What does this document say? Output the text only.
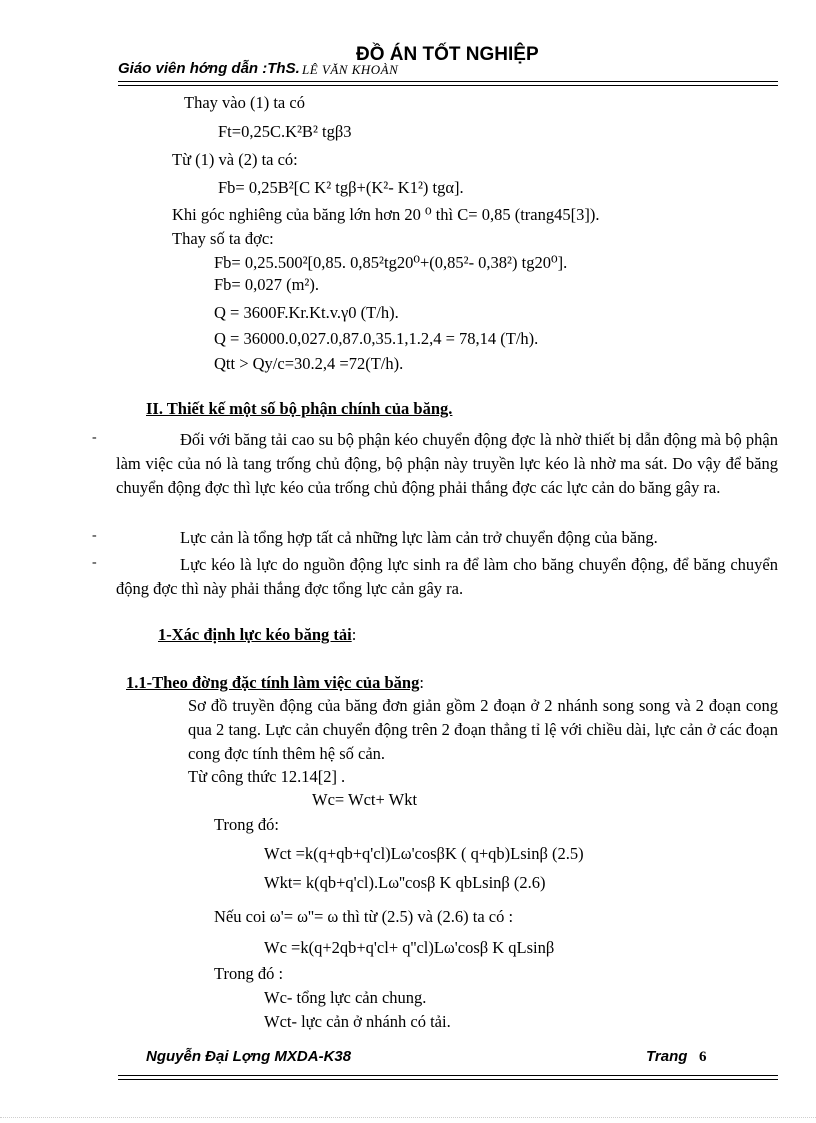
Giáo viên hớng dẫn :ThS. LÊ VĂN KHOÀN
ĐỒ ÁN TỐT NGHIỆP
Thay vào (1) ta có
Ft=0,25C.K²B² tgβ3
Từ (1) và (2) ta có:
Fb= 0,25B²[C K² tgβ+(K²- K1²) tgα].
Khi góc nghiêng của băng lớn hơn 20 ⁰ thì C= 0,85 (trang45[3]).
Thay số ta đợc:
Fb= 0,25.500²[0,85. 0,85²tg20⁰+(0,85²- 0,38²) tg20⁰].
Fb= 0,027 (m²).
Q = 3600F.Kr.Kt.v.γ0 (T/h).
Q = 36000.0,027.0,87.0,35.1,1.2,4 = 78,14 (T/h).
Qtt > Qy/c=30.2,4 =72(T/h).
II. Thiết kế một số bộ phận chính của băng.
-	Đối với băng tải cao su bộ phận kéo chuyển động đợc là nhờ thiết bị dẫn động mà bộ phận làm việc của nó là tang trống chủ động, bộ phận này truyền lực kéo là nhờ ma sát. Do vậy để băng chuyển động đợc thì lực kéo của trống chủ động phải thắng đợc các lực cản do băng gây ra.
-	Lực cản là tổng hợp tất cả những lực làm cản trở chuyển động của băng.
-	Lực kéo là lực do nguồn động lực sinh ra để làm cho băng chuyển động, để băng chuyển động đợc thì này phải thắng đợc tổng lực cản gây ra.
1-Xác định lực kéo băng tải:
1.1-Theo đờng đặc tính làm việc của băng:
Sơ đồ truyền động của băng đơn giản gồm 2 đoạn ở 2 nhánh song song và 2 đoạn cong qua 2 tang. Lực cản chuyển động trên 2 đoạn thẳng tỉ lệ với chiều dài, lực cản ở các đoạn cong đợc tính thêm hệ số cản.
Từ công thức 12.14[2] .
Wc= Wct+ Wkt
Trong đó:
Wct =k(q+qb+q'cl)Lω'cosβK ( q+qb)Lsinβ (2.5)
Wkt= k(qb+q'cl).Lω''cosβ K qbLsinβ (2.6)
Nếu coi ω'= ω''= ω thì từ (2.5) và (2.6) ta có :
Wc =k(q+2qb+q'cl+ q''cl)Lω'cosβ K qLsinβ
Trong đó :
Wc- tổng lực cản chung.
Wct- lực cản ở nhánh có tải.
Nguyễn Đại Lợng MXDA-K38	Trang 6
